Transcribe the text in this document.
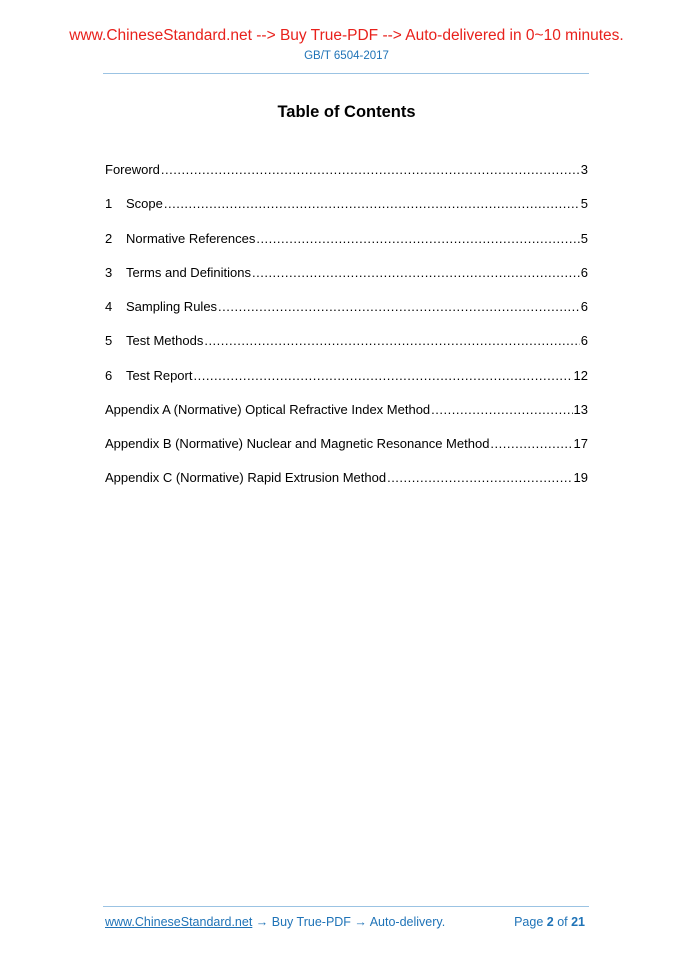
www.ChineseStandard.net --> Buy True-PDF --> Auto-delivered in 0~10 minutes.
GB/T 6504-2017
Table of Contents
Foreword .....	3
1	Scope .....	5
2	Normative References .....	5
3	Terms and Definitions .....	6
4	Sampling Rules .....	6
5	Test Methods .....	6
6	Test Report .....	12
Appendix A (Normative) Optical Refractive Index Method .....	13
Appendix B (Normative) Nuclear and Magnetic Resonance Method .....	17
Appendix C (Normative) Rapid Extrusion Method .....	19
www.ChineseStandard.net → Buy True-PDF → Auto-delivery.	Page 2 of 21
